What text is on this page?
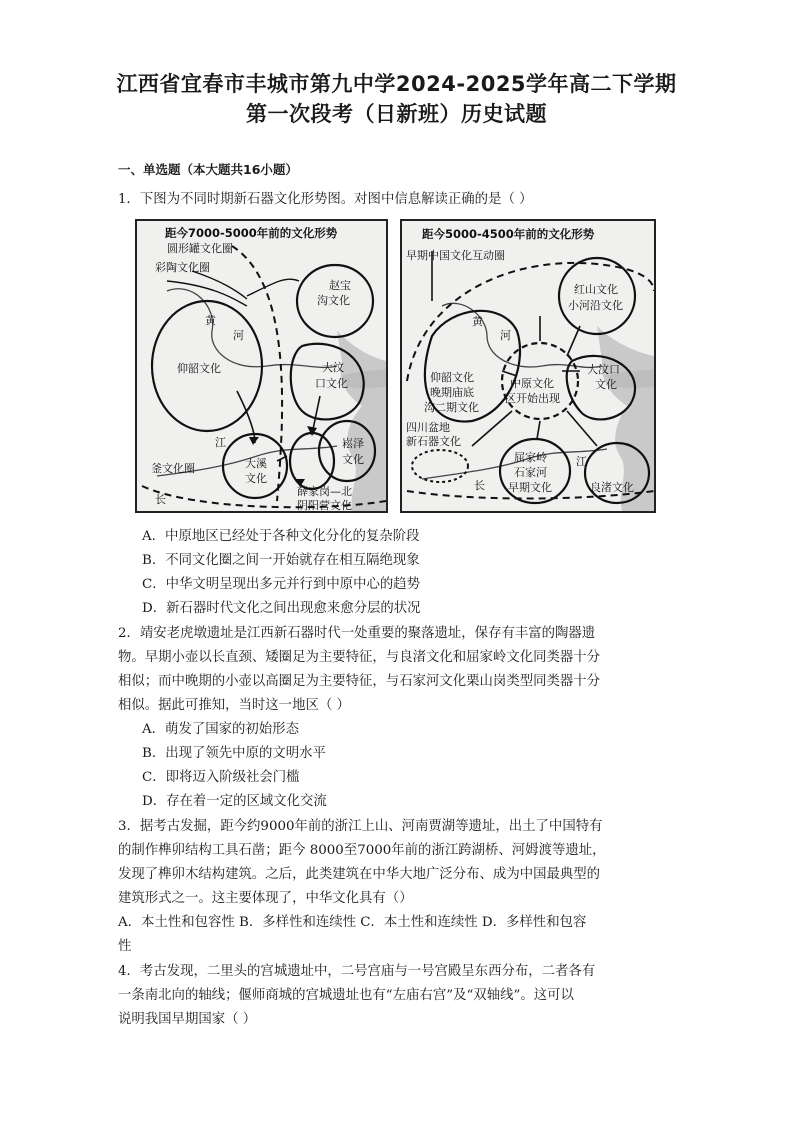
江西省宜春市丰城市第九中学2024-2025学年高二下学期
第一次段考（日新班）历史试题
一、单选题（本大题共16小题）
1．下图为不同时期新石器文化形势图。对图中信息解读正确的是（ ）
距今7000-5000年前的文化形势
圆形罐文化圈
彩陶文化圈
黄
河
仰韶文化
赵宝
沟文化
大汶
口文化
江
釜文化圈
长
大溪
文化
崧泽
文化
薛家岗—北
阴阳营文化
距今5000-4500年前的文化形势
早期中国文化互动圈
红山文化
小河沿文化
黄
河
仰韶文化
晚期庙底
沟二期文化
中原文化
区开始出现
大汶口
文化
四川盆地
新石器文化
屈家岭
石家河
早期文化
江
长	良渚文化
A．中原地区已经处于各种文化分化的复杂阶段
B．不同文化圈之间一开始就存在相互隔绝现象
C．中华文明呈现出多元并行到中原中心的趋势
D．新石器时代文化之间出现愈来愈分层的状况
2．靖安老虎墩遗址是江西新石器时代一处重要的聚落遗址，保存有丰富的陶器遗
物。早期小壶以长直颈、矮圈足为主要特征，与良渚文化和屈家岭文化同类器十分
相似；而中晚期的小壶以高圈足为主要特征，与石家河文化栗山岗类型同类器十分
相似。据此可推知，当时这一地区（ ）
A．萌发了国家的初始形态
B．出现了领先中原的文明水平
C．即将迈入阶级社会门槛
D．存在着一定的区域文化交流
3．据考古发掘，距今约9000年前的浙江上山、河南贾湖等遗址，出土了中国特有
的制作榫卯结构工具石凿；距今 8000至7000年前的浙江跨湖桥、河姆渡等遗址，
发现了榫卯木结构建筑。之后，此类建筑在中华大地广泛分布、成为中国最典型的
建筑形式之一。这主要体现了，中华文化具有（）
A．本土性和包容性 B．多样性和连续性 C．本土性和连续性 D．多样性和包容
性
4．考古发现，二里头的宫城遗址中，二号宫庙与一号宫殿呈东西分布，二者各有
一条南北向的轴线；偃师商城的宫城遗址也有“左庙右宫”及“双轴线”。这可以
说明我国早期国家（ ）
